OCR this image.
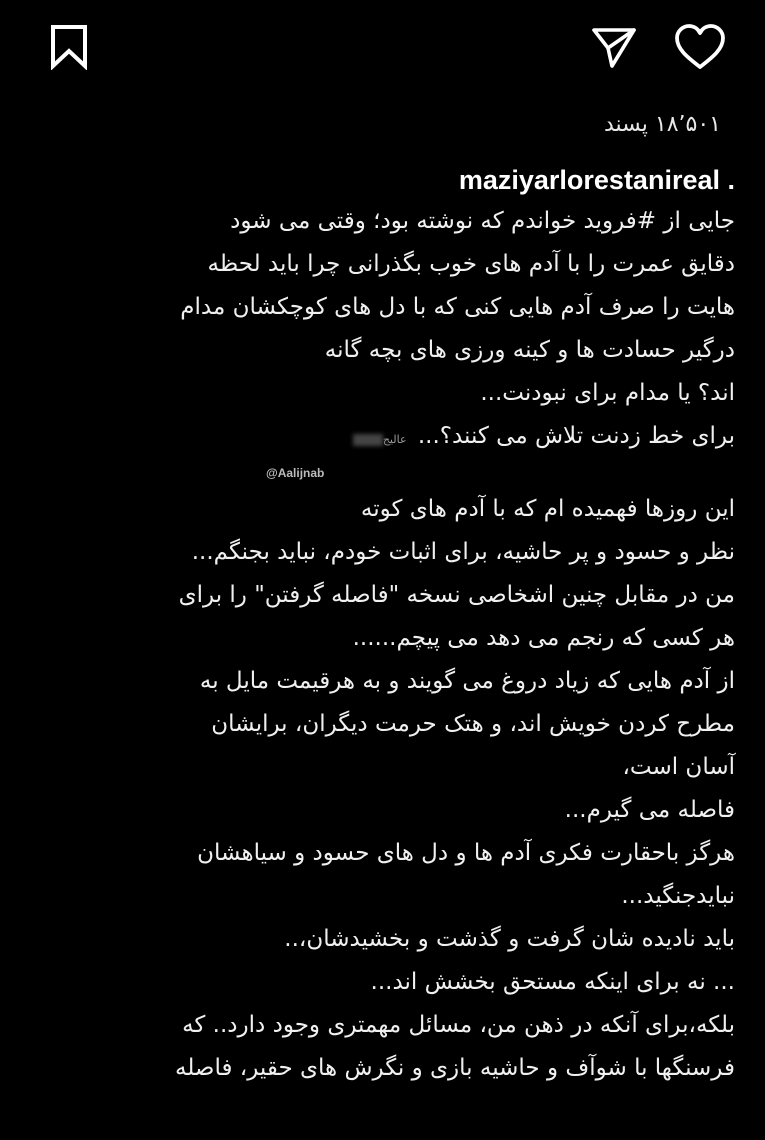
۱۸٬۵۰۱ پسند
maziyarlorestanireal .
جایی از #فروید خواندم که نوشته بود؛ وقتی می شود
دقایق عمرت را با آدم های خوب بگذرانی چرا باید لحظه
هایت را صرف آدم هایی کنی که با دل های کوچکشان مدام
درگیر حسادت ها و کینه ورزی های بچه گانه
اند؟ یا مدام برای نبودنت...
برای خط زدنت تلاش می کنند؟... عالیج
@Aalijnab
این روزها فهمیده ام که با آدم های کوته
نظر و حسود و پر حاشیه، برای اثبات خودم، نباید بجنگم...
من در مقابل چنین اشخاصی نسخه "فاصله گرفتن" را برای
هر کسی که رنجم می دهد می پیچم......
از آدم هایی که زیاد دروغ می گویند و به هرقیمت مایل به
مطرح کردن خویش اند، و هتک حرمت دیگران، برایشان
آسان است،
فاصله می گیرم...
هرگز باحقارت فکری آدم ها و دل های حسود و سیاهشان
نبایدجنگید...
باید نادیده شان گرفت و گذشت و بخشیدشان،..
... نه برای اینکه مستحق بخشش اند...
بلکه،برای آنکه در ذهن من، مسائل مهمتری وجود دارد.. که
فرسنگها با شوآف و حاشیه بازی و نگرش های حقیر، فاصله
